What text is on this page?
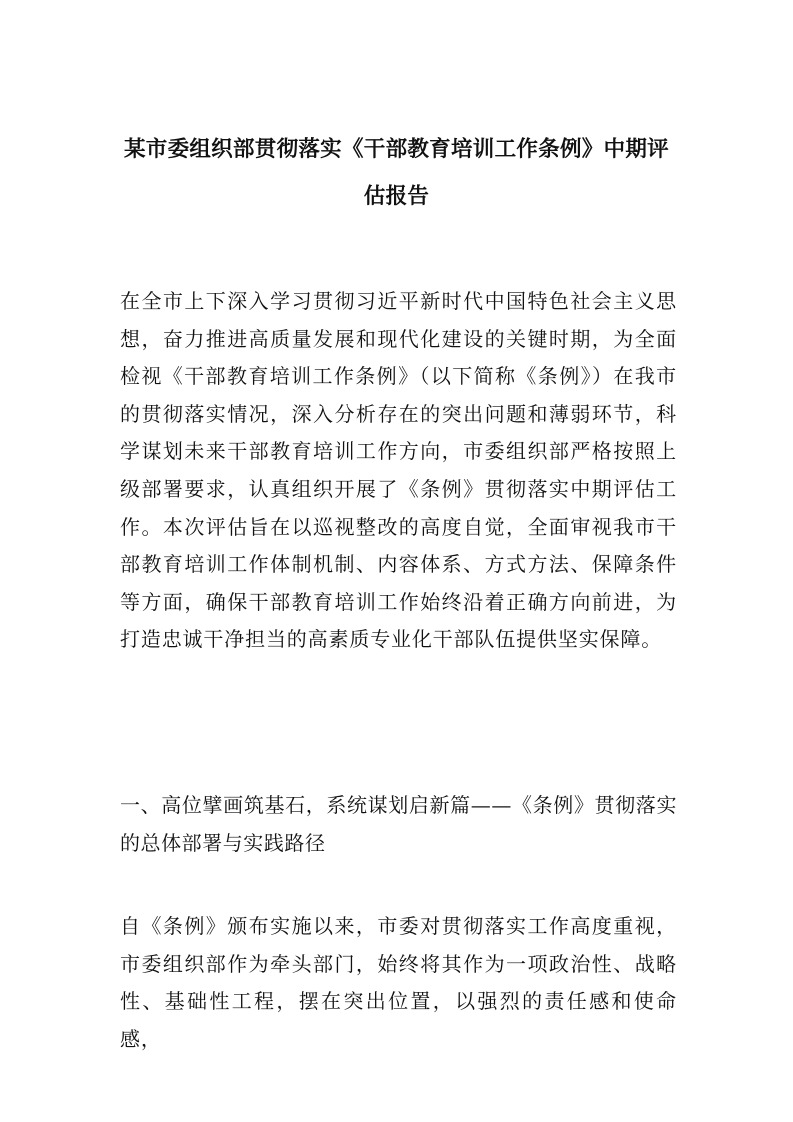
某市委组织部贯彻落实《干部教育培训工作条例》中期评估报告

在全市上下深入学习贯彻习近平新时代中国特色社会主义思想，奋力推进高质量发展和现代化建设的关键时期，为全面检视《干部教育培训工作条例》（以下简称《条例》）在我市的贯彻落实情况，深入分析存在的突出问题和薄弱环节，科学谋划未来干部教育培训工作方向，市委组织部严格按照上级部署要求，认真组织开展了《条例》贯彻落实中期评估工作。本次评估旨在以巡视整改的高度自觉，全面审视我市干部教育培训工作体制机制、内容体系、方式方法、保障条件等方面，确保干部教育培训工作始终沿着正确方向前进，为打造忠诚干净担当的高素质专业化干部队伍提供坚实保障。

一、高位擘画筑基石，系统谋划启新篇——《条例》贯彻落实的总体部署与实践路径

自《条例》颁布实施以来，市委对贯彻落实工作高度重视，市委组织部作为牵头部门，始终将其作为一项政治性、战略性、基础性工程，摆在突出位置，以强烈的责任感和使命感，
